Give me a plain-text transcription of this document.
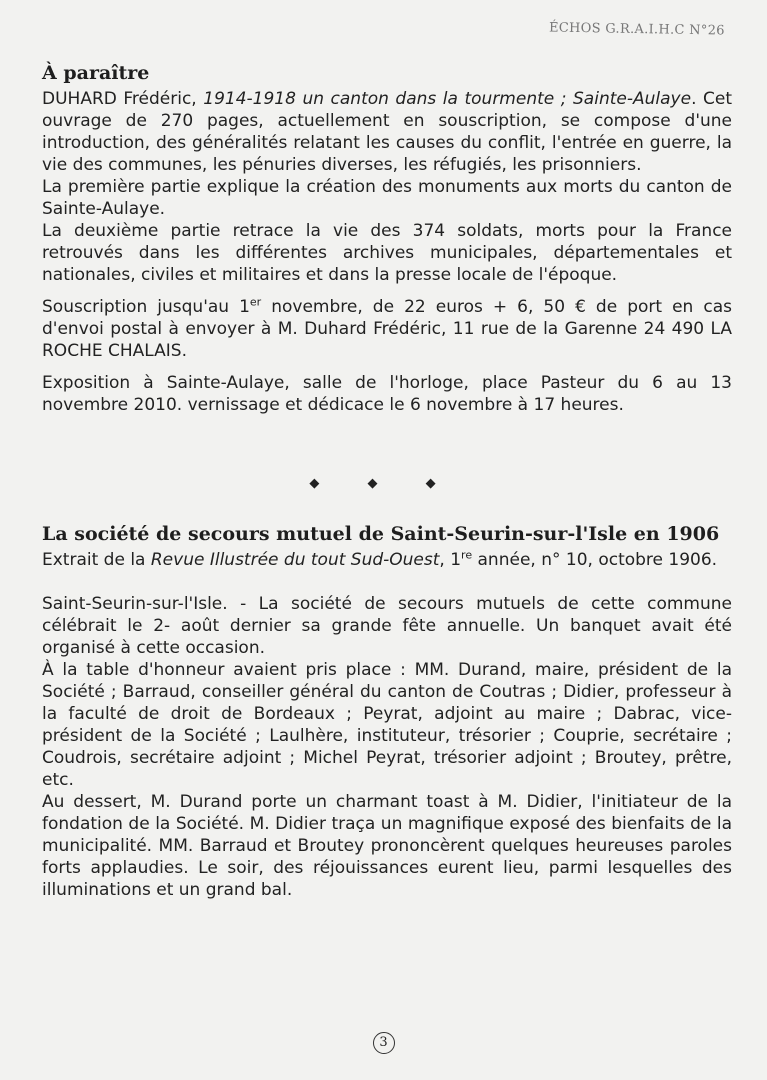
ÉCHOS G.R.A.I.H.C N°26
À paraître

DUHARD Frédéric, 1914-1918 un canton dans la tourmente ; Sainte-Aulaye. Cet ouvrage de 270 pages, actuellement en souscription, se compose d'une introduction, des généralités relatant les causes du conflit, l'entrée en guerre, la vie des communes, les pénuries diverses, les réfugiés, les prisonniers.

La première partie explique la création des monuments aux morts du canton de Sainte-Aulaye.

La deuxième partie retrace la vie des 374 soldats, morts pour la France retrouvés dans les différentes archives municipales, départementales et nationales, civiles et militaires et dans la presse locale de l'époque.

Souscription jusqu'au 1er novembre, de 22 euros + 6, 50 € de port en cas d'envoi postal à envoyer à M. Duhard Frédéric, 11 rue de la Garenne 24 490 LA ROCHE CHALAIS.

Exposition à Sainte-Aulaye, salle de l'horloge, place Pasteur du 6 au 13 novembre 2010. vernissage et dédicace le 6 novembre à 17 heures.

◆ ◆ ◆
La société de secours mutuel de Saint-Seurin-sur-l'Isle en 1906

Extrait de la Revue Illustrée du tout Sud-Ouest, 1re année, n° 10, octobre 1906.

Saint-Seurin-sur-l'Isle. - La société de secours mutuels de cette commune célébrait le 2- août dernier sa grande fête annuelle. Un banquet avait été organisé à cette occasion.

À la table d'honneur avaient pris place : MM. Durand, maire, président de la Société ; Barraud, conseiller général du canton de Coutras ; Didier, professeur à la faculté de droit de Bordeaux ; Peyrat, adjoint au maire ; Dabrac, vice-président de la Société ; Laulhère, instituteur, trésorier ; Couprie, secrétaire ; Coudrois, secrétaire adjoint ; Michel Peyrat, trésorier adjoint ; Broutey, prêtre, etc.

Au dessert, M. Durand porte un charmant toast à M. Didier, l'initiateur de la fondation de la Société. M. Didier traça un magnifique exposé des bienfaits de la municipalité. MM. Barraud et Broutey prononcèrent quelques heureuses paroles forts applaudies. Le soir, des réjouissances eurent lieu, parmi lesquelles des illuminations et un grand bal.

3
